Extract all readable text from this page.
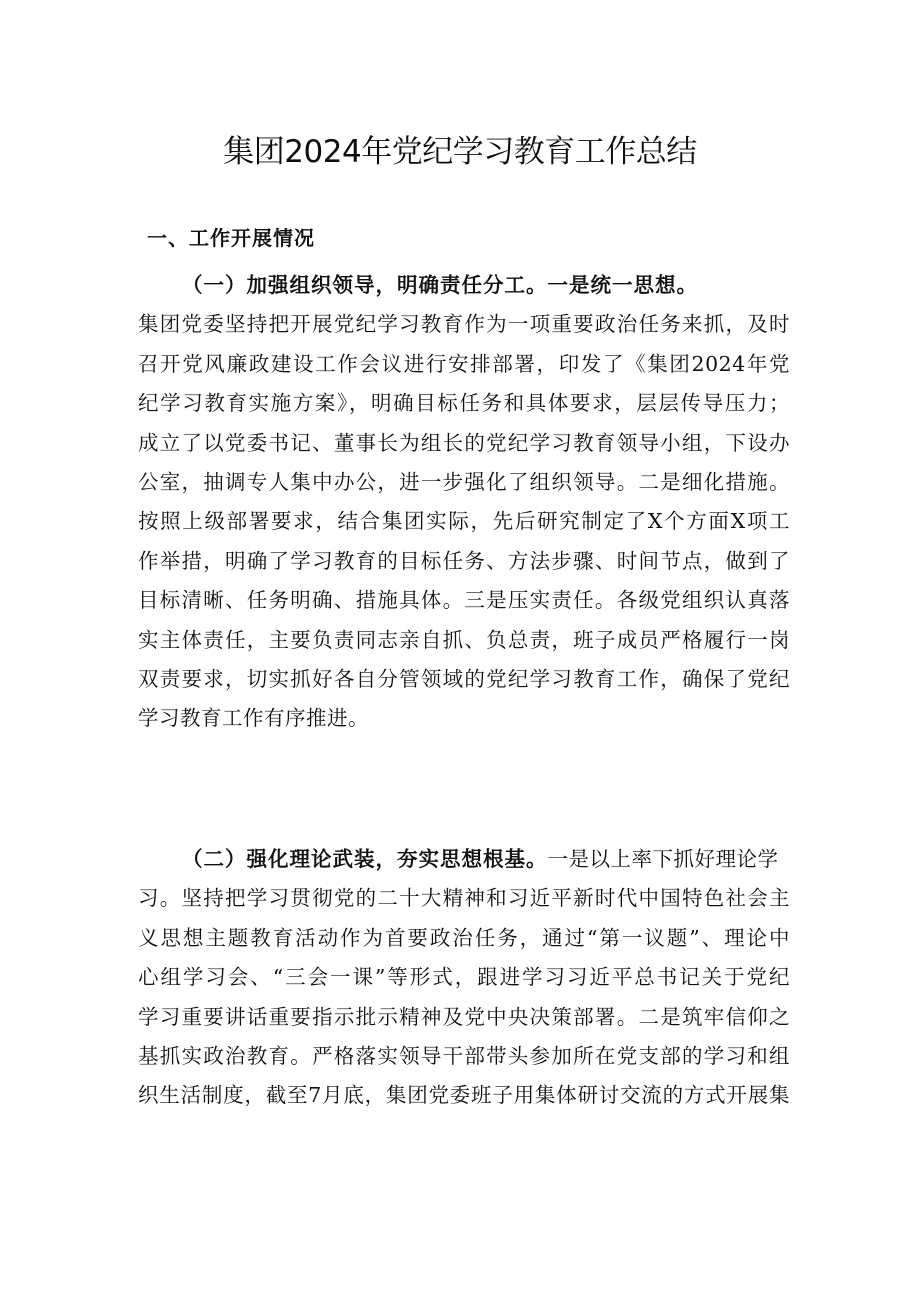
集团2024年党纪学习教育工作总结
一、工作开展情况
（一）加强组织领导，明确责任分工。一是统一思想。
集团党委坚持把开展党纪学习教育作为一项重要政治任务来抓，及时
召开党风廉政建设工作会议进行安排部署，印发了《集团2024年党
纪学习教育实施方案》，明确目标任务和具体要求，层层传导压力；
成立了以党委书记、董事长为组长的党纪学习教育领导小组，下设办
公室，抽调专人集中办公，进一步强化了组织领导。二是细化措施。
按照上级部署要求，结合集团实际，先后研究制定了X个方面X项工
作举措，明确了学习教育的目标任务、方法步骤、时间节点，做到了
目标清晰、任务明确、措施具体。三是压实责任。各级党组织认真落
实主体责任，主要负责同志亲自抓、负总责，班子成员严格履行一岗
双责要求，切实抓好各自分管领域的党纪学习教育工作，确保了党纪
学习教育工作有序推进。
（二）强化理论武装，夯实思想根基。一是以上率下抓好理论学
习。坚持把学习贯彻党的二十大精神和习近平新时代中国特色社会主
义思想主题教育活动作为首要政治任务，通过“第一议题”、理论中
心组学习会、“三会一课”等形式，跟进学习习近平总书记关于党纪
学习重要讲话重要指示批示精神及党中央决策部署。二是筑牢信仰之
基抓实政治教育。严格落实领导干部带头参加所在党支部的学习和组
织生活制度，截至7月底，集团党委班子用集体研讨交流的方式开展集
